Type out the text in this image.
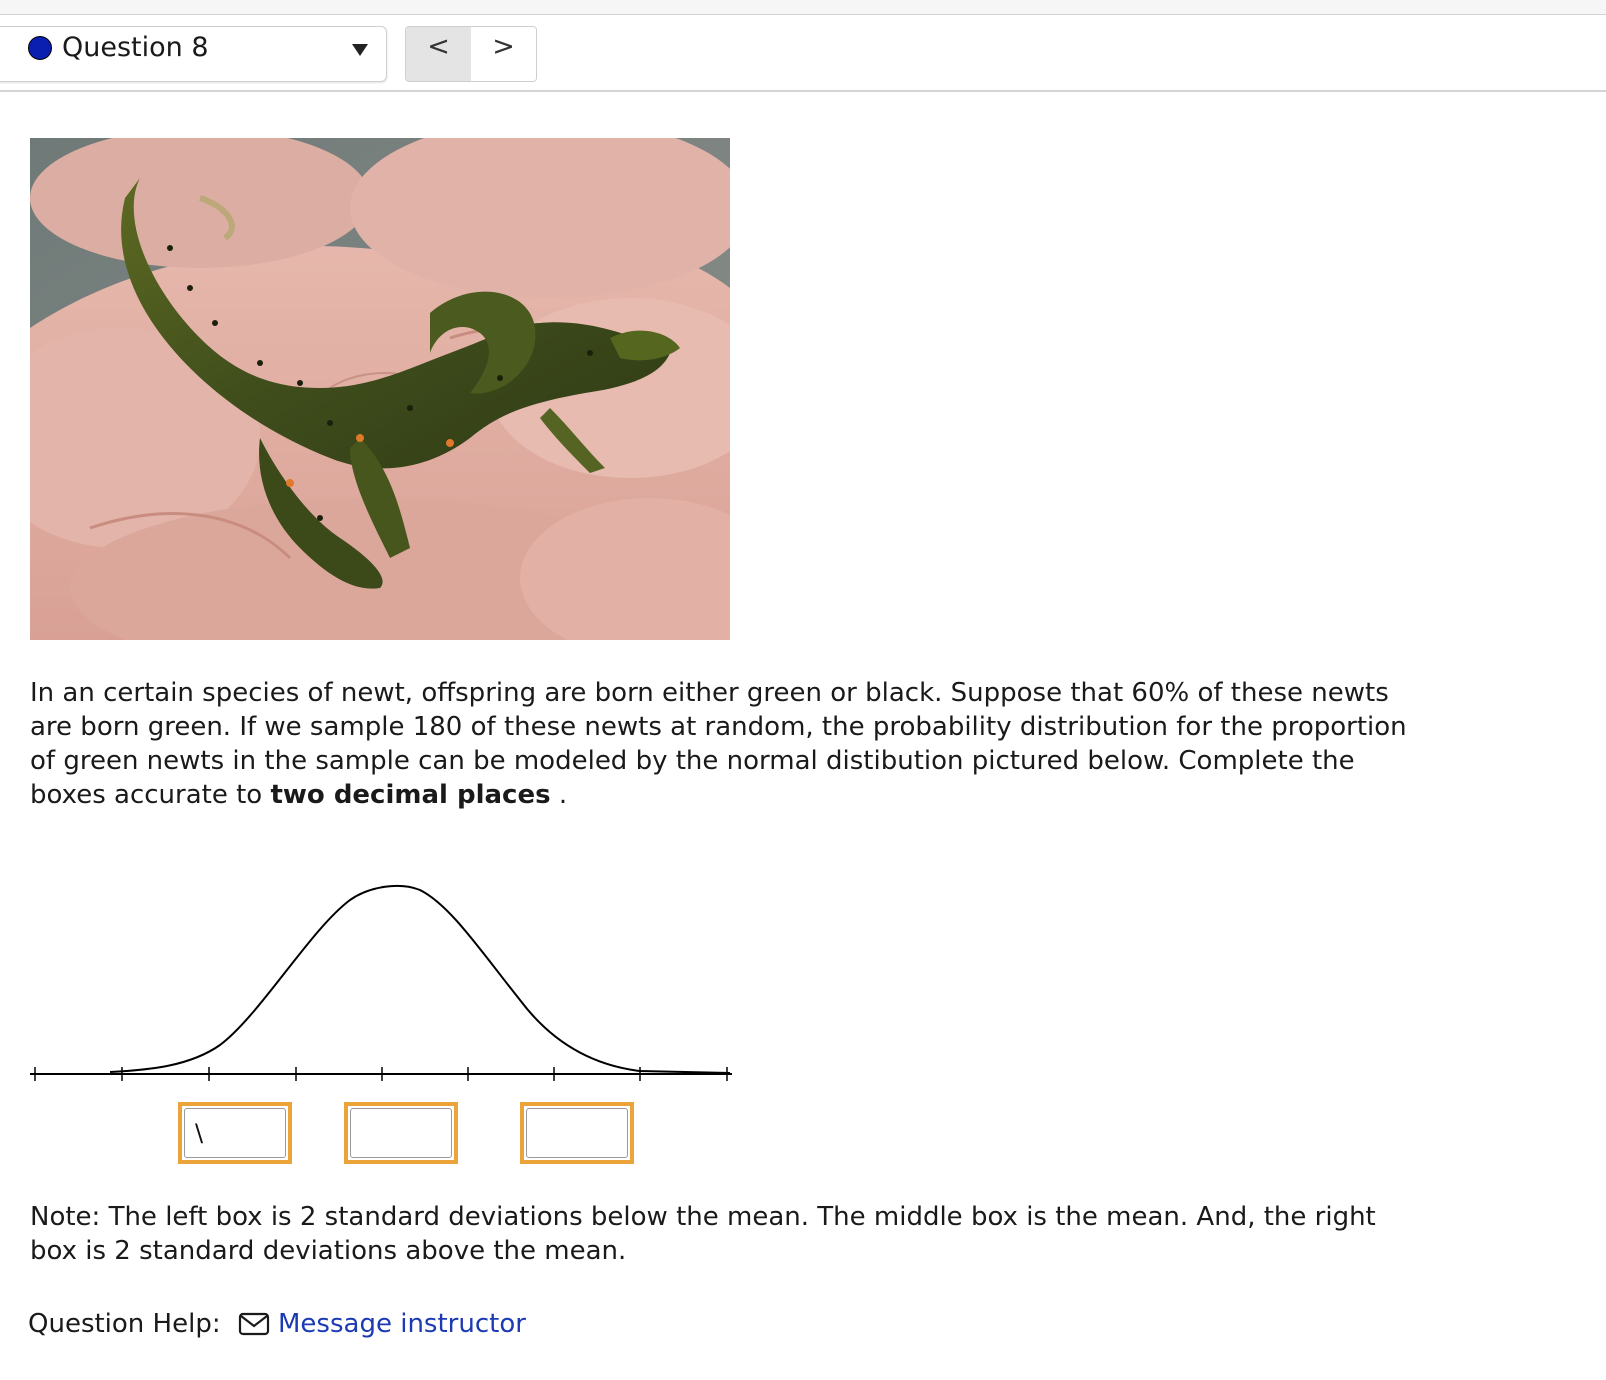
Question 8	<	>

In an certain species of newt, offspring are born either green or black. Suppose that 60% of these newts are born green. If we sample 180 of these newts at random, the probability distribution for the proportion of green newts in the sample can be modeled by the normal distibution pictured below. Complete the boxes accurate to two decimal places .

\

Note: The left box is 2 standard deviations below the mean. The middle box is the mean. And, the right box is 2 standard deviations above the mean.

Question Help: Message instructor
